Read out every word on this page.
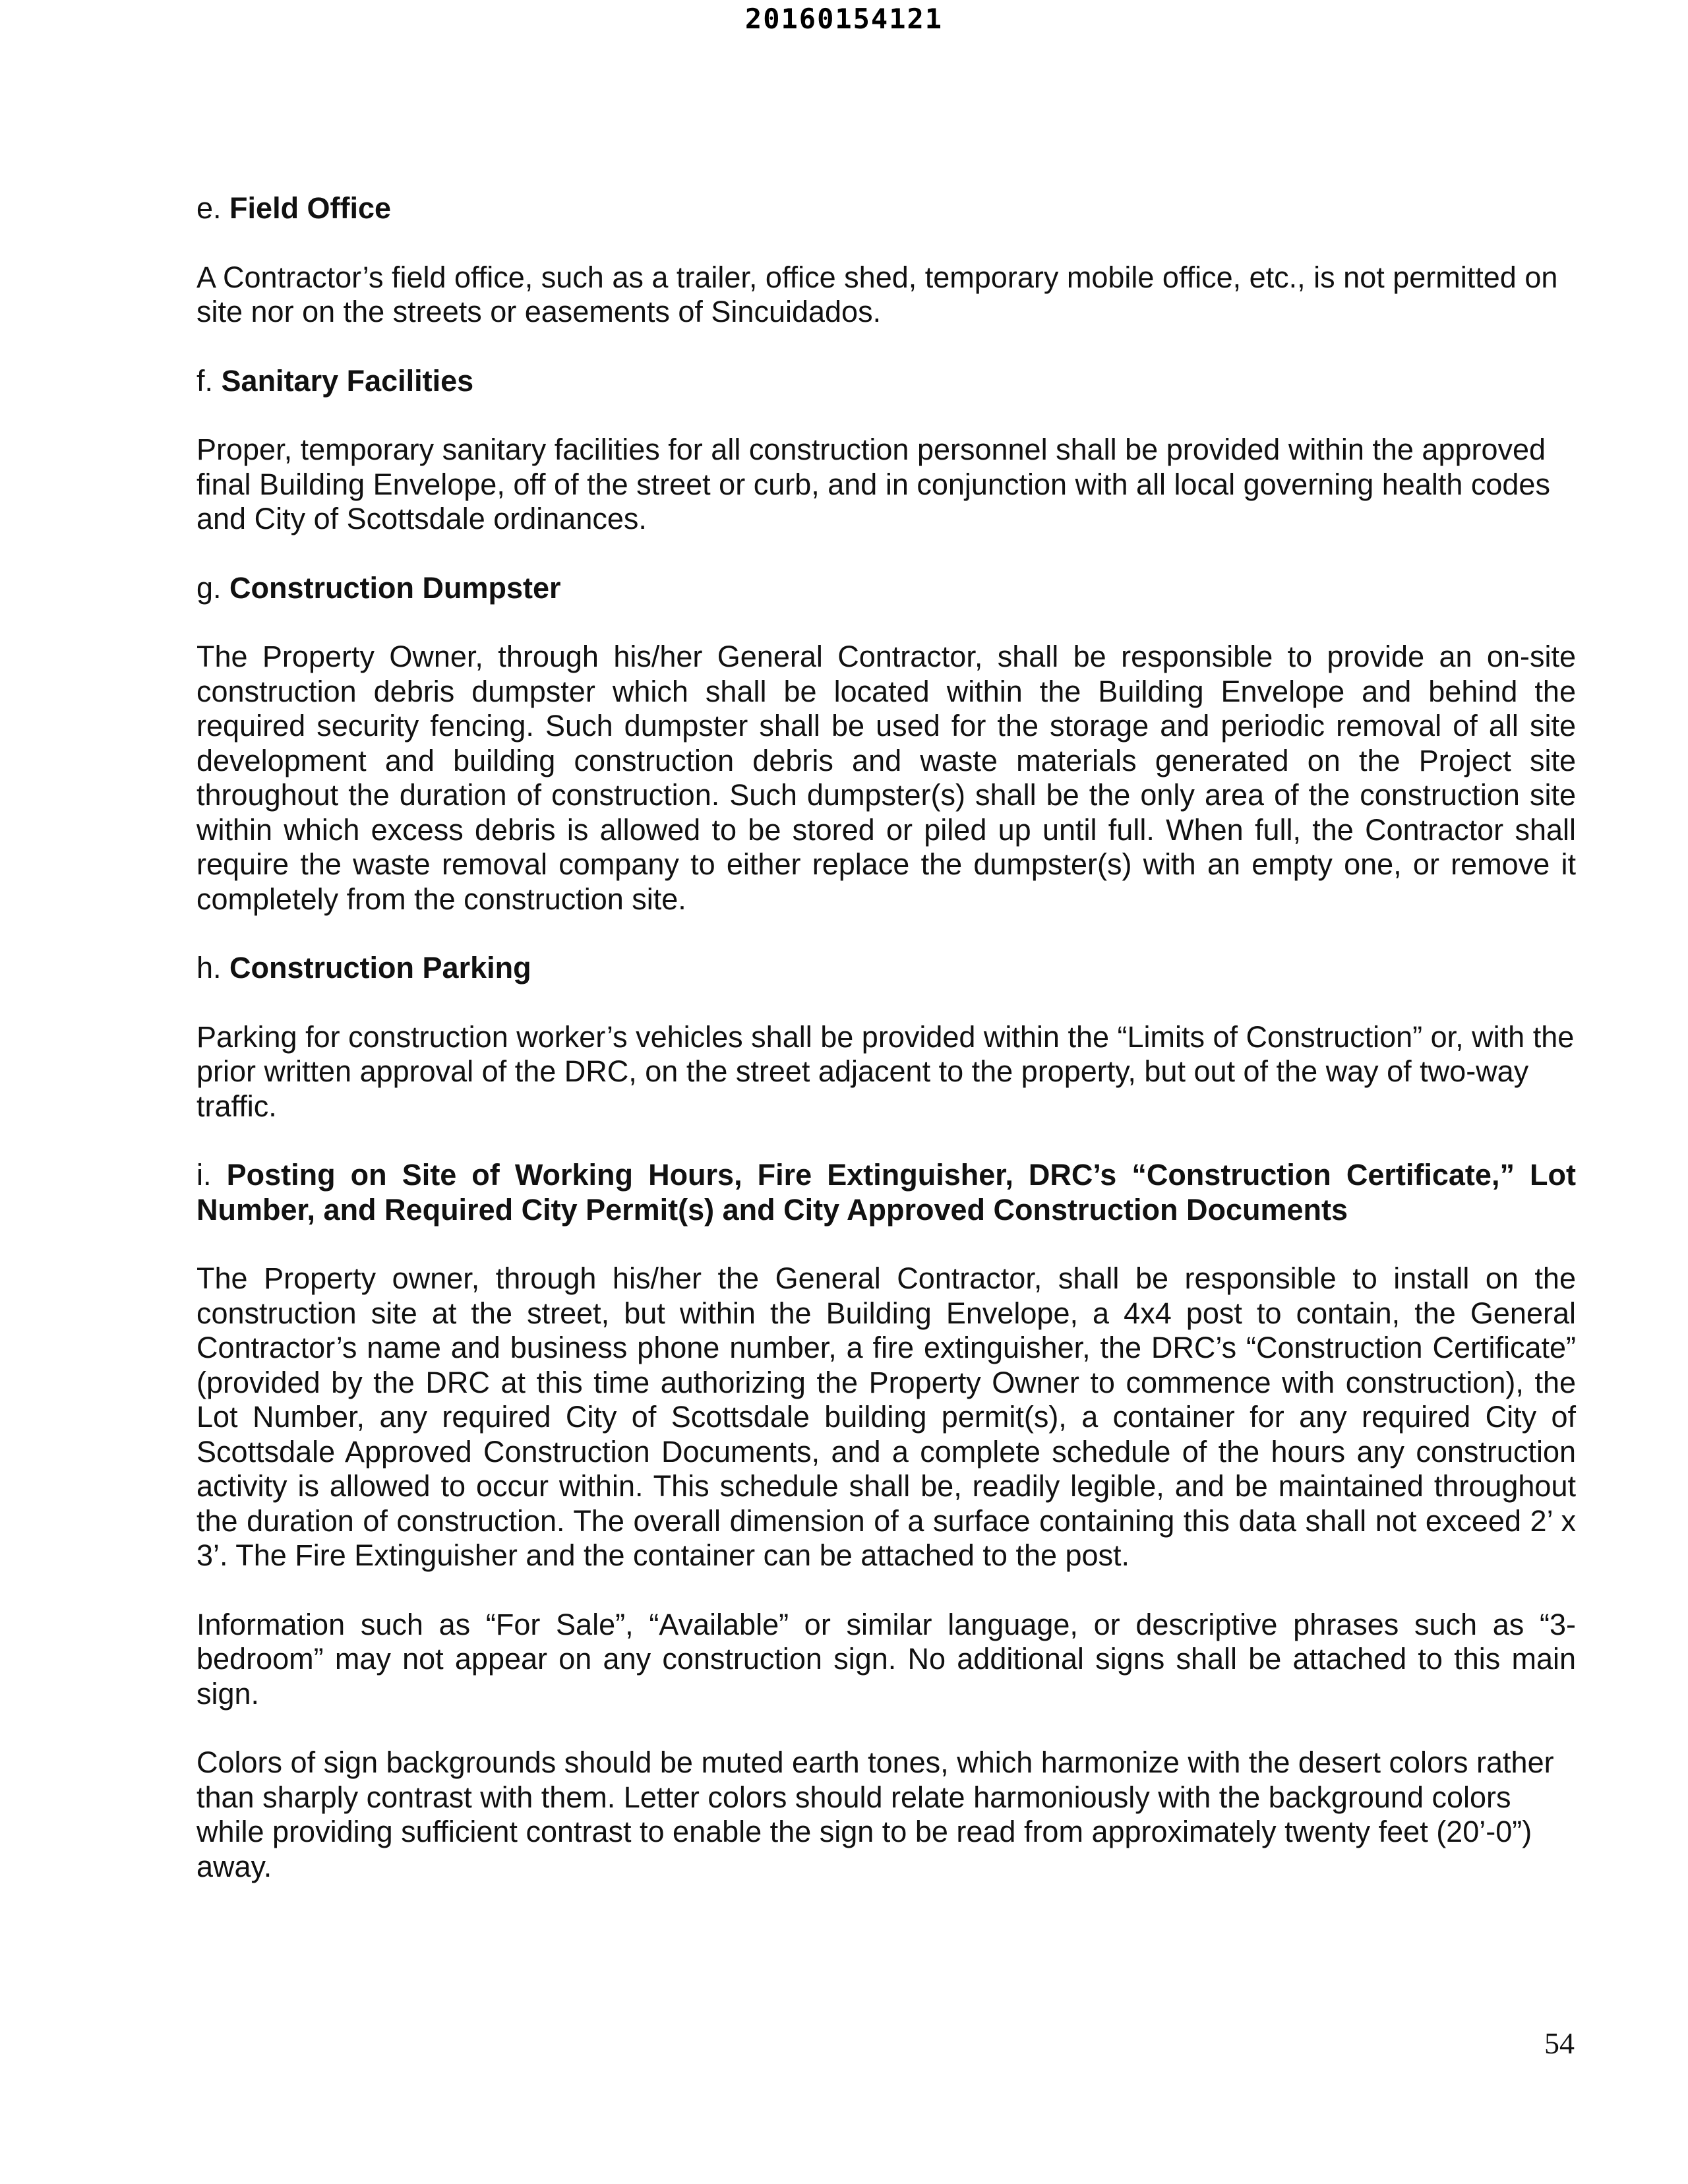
20160154121
e. Field Office

A Contractor’s field office, such as a trailer, office shed, temporary mobile office, etc., is not permitted on site nor on the streets or easements of Sincuidados.

f. Sanitary Facilities

Proper, temporary sanitary facilities for all construction personnel shall be provided within the approved final Building Envelope, off of the street or curb, and in conjunction with all local governing health codes and City of Scottsdale ordinances.

g. Construction Dumpster

The Property Owner, through his/her General Contractor, shall be responsible to provide an on-site construction debris dumpster which shall be located within the Building Envelope and behind the required security fencing. Such dumpster shall be used for the storage and periodic removal of all site development and building construction debris and waste materials generated on the Project site throughout the duration of construction. Such dumpster(s) shall be the only area of the construction site within which excess debris is allowed to be stored or piled up until full. When full, the Contractor shall require the waste removal company to either replace the dumpster(s) with an empty one, or remove it completely from the construction site.

h. Construction Parking

Parking for construction worker’s vehicles shall be provided within the “Limits of Construction” or, with the prior written approval of the DRC, on the street adjacent to the property, but out of the way of two-way traffic.

i. Posting on Site of Working Hours, Fire Extinguisher, DRC’s “Construction Certificate,” Lot Number, and Required City Permit(s) and City Approved Construction Documents

The Property owner, through his/her the General Contractor, shall be responsible to install on the construction site at the street, but within the Building Envelope, a 4x4 post to contain, the General Contractor’s name and business phone number, a fire extinguisher, the DRC’s “Construction Certificate” (provided by the DRC at this time authorizing the Property Owner to commence with construction), the Lot Number, any required City of Scottsdale building permit(s), a container for any required City of Scottsdale Approved Construction Documents, and a complete schedule of the hours any construction activity is allowed to occur within. This schedule shall be, readily legible, and be maintained throughout the duration of construction. The overall dimension of a surface containing this data shall not exceed 2’ x 3’. The Fire Extinguisher and the container can be attached to the post.

Information such as “For Sale”, “Available” or similar language, or descriptive phrases such as “3-bedroom” may not appear on any construction sign. No additional signs shall be attached to this main sign.

Colors of sign backgrounds should be muted earth tones, which harmonize with the desert colors rather than sharply contrast with them. Letter colors should relate harmoniously with the background colors while providing sufficient contrast to enable the sign to be read from approximately twenty feet (20’-0”) away.

54
